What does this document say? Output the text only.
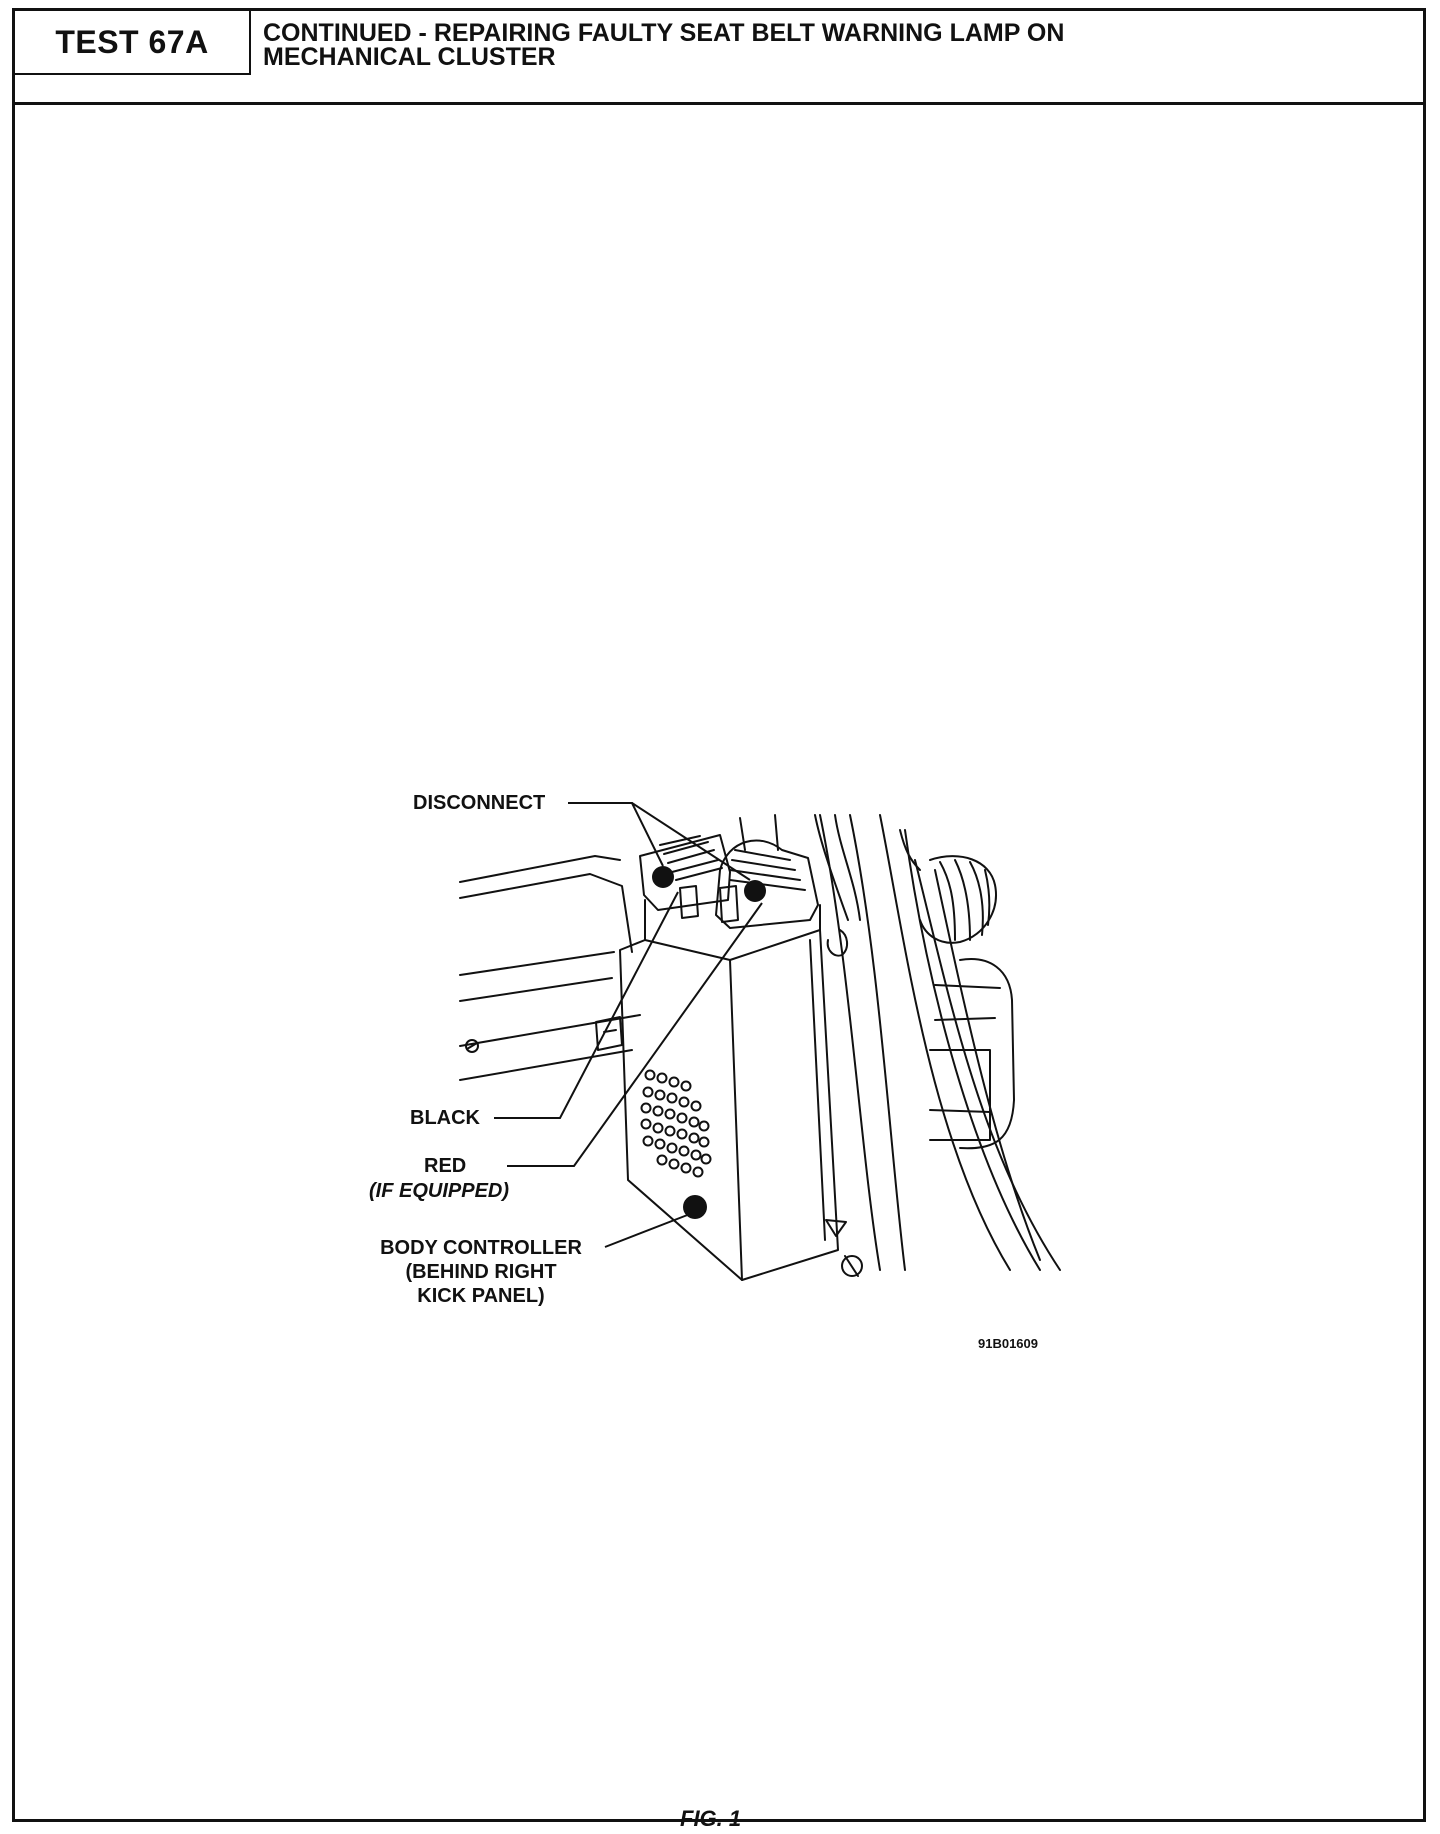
TEST 67A CONTINUED - REPAIRING FAULTY SEAT BELT WARNING LAMP ON
MECHANICAL CLUSTER
DISCONNECT
BLACK
RED
(IF EQUIPPED)
BODY CONTROLLER
(BEHIND RIGHT
KICK PANEL)
91B01609
FIG. 1
